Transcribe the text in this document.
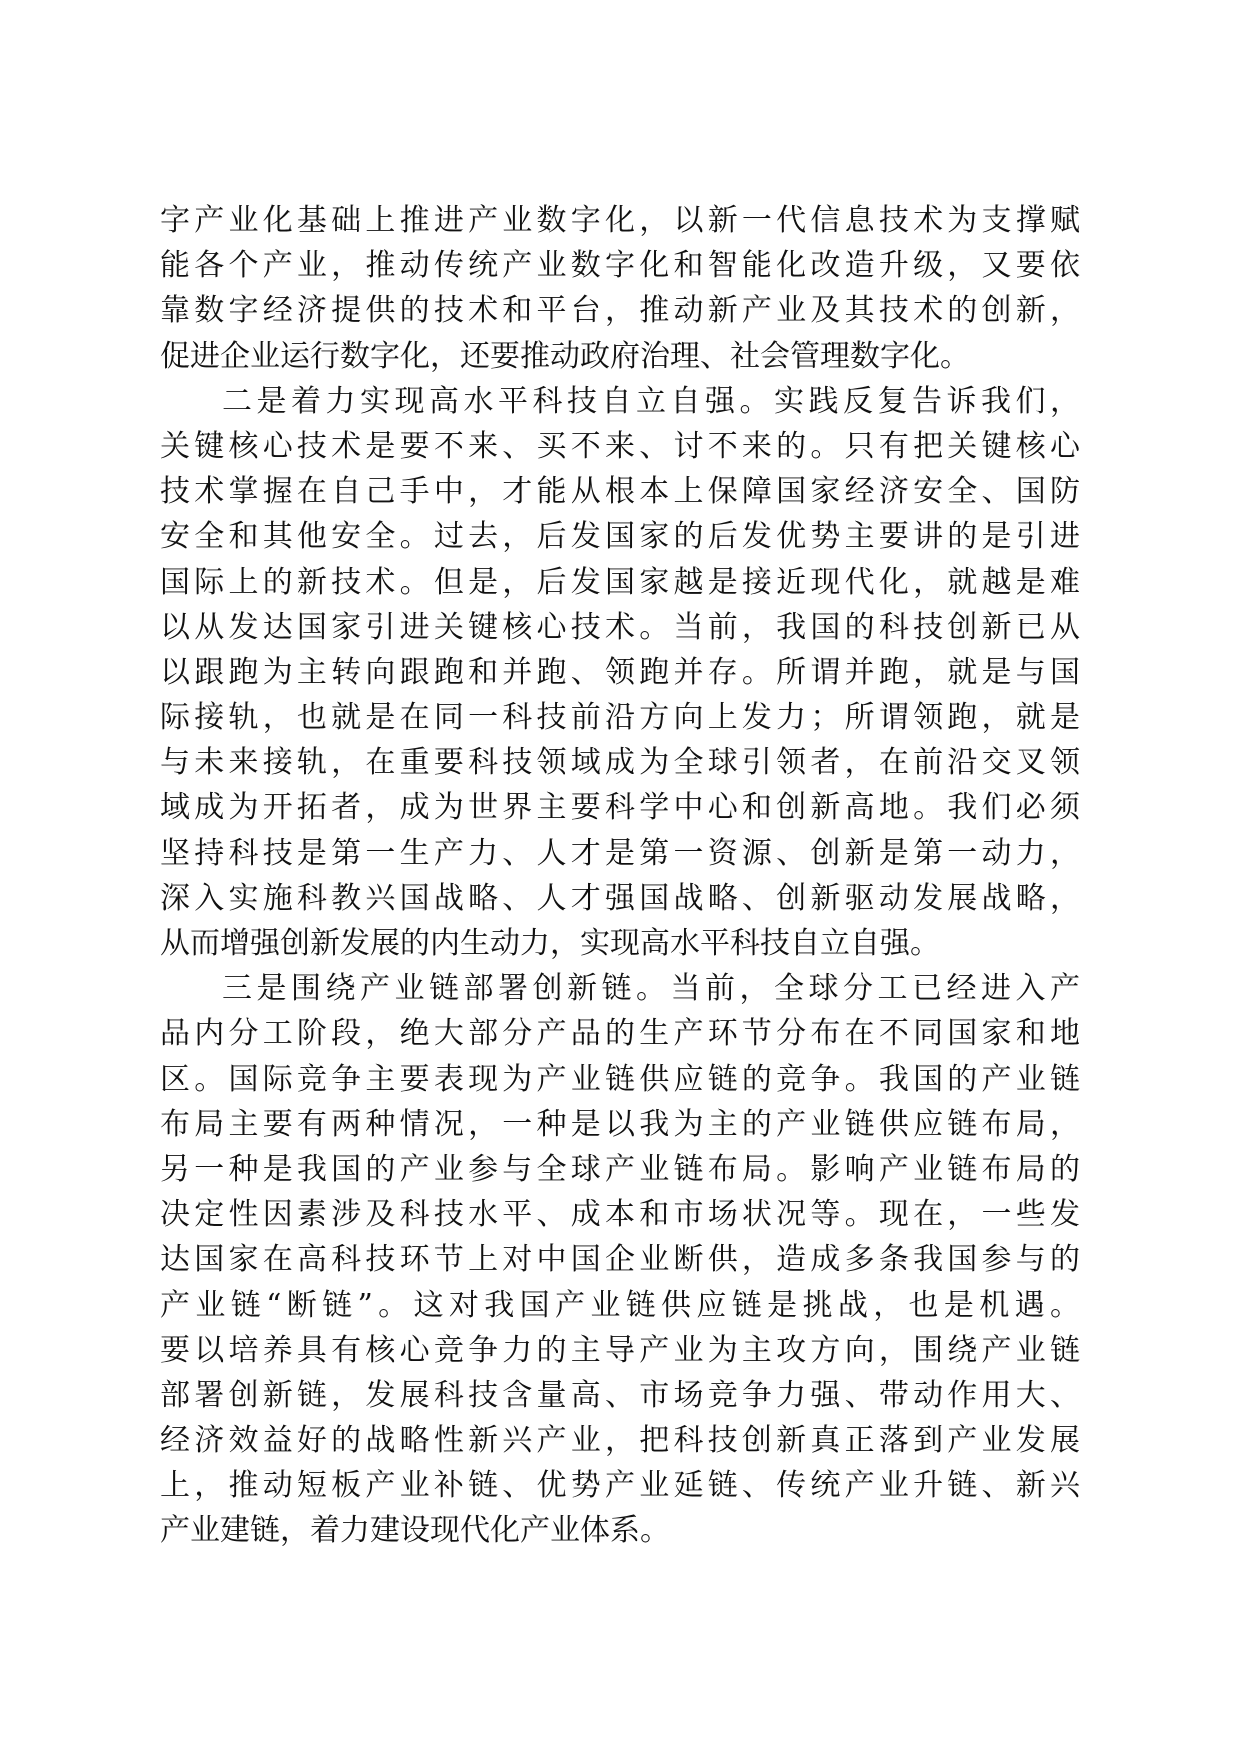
字产业化基础上推进产业数字化，以新一代信息技术为支撑赋
能各个产业，推动传统产业数字化和智能化改造升级，又要依
靠数字经济提供的技术和平台，推动新产业及其技术的创新，
促进企业运行数字化，还要推动政府治理、社会管理数字化。
二是着力实现高水平科技自立自强。实践反复告诉我们，
关键核心技术是要不来、买不来、讨不来的。只有把关键核心
技术掌握在自己手中，才能从根本上保障国家经济安全、国防
安全和其他安全。过去，后发国家的后发优势主要讲的是引进
国际上的新技术。但是，后发国家越是接近现代化，就越是难
以从发达国家引进关键核心技术。当前，我国的科技创新已从
以跟跑为主转向跟跑和并跑、领跑并存。所谓并跑，就是与国
际接轨，也就是在同一科技前沿方向上发力；所谓领跑，就是
与未来接轨，在重要科技领域成为全球引领者，在前沿交叉领
域成为开拓者，成为世界主要科学中心和创新高地。我们必须
坚持科技是第一生产力、人才是第一资源、创新是第一动力，
深入实施科教兴国战略、人才强国战略、创新驱动发展战略，
从而增强创新发展的内生动力，实现高水平科技自立自强。
三是围绕产业链部署创新链。当前，全球分工已经进入产
品内分工阶段，绝大部分产品的生产环节分布在不同国家和地
区。国际竞争主要表现为产业链供应链的竞争。我国的产业链
布局主要有两种情况，一种是以我为主的产业链供应链布局，
另一种是我国的产业参与全球产业链布局。影响产业链布局的
决定性因素涉及科技水平、成本和市场状况等。现在，一些发
达国家在高科技环节上对中国企业断供，造成多条我国参与的
产业链“断链”。这对我国产业链供应链是挑战，也是机遇。
要以培养具有核心竞争力的主导产业为主攻方向，围绕产业链
部署创新链，发展科技含量高、市场竞争力强、带动作用大、
经济效益好的战略性新兴产业，把科技创新真正落到产业发展
上，推动短板产业补链、优势产业延链、传统产业升链、新兴
产业建链，着力建设现代化产业体系。
